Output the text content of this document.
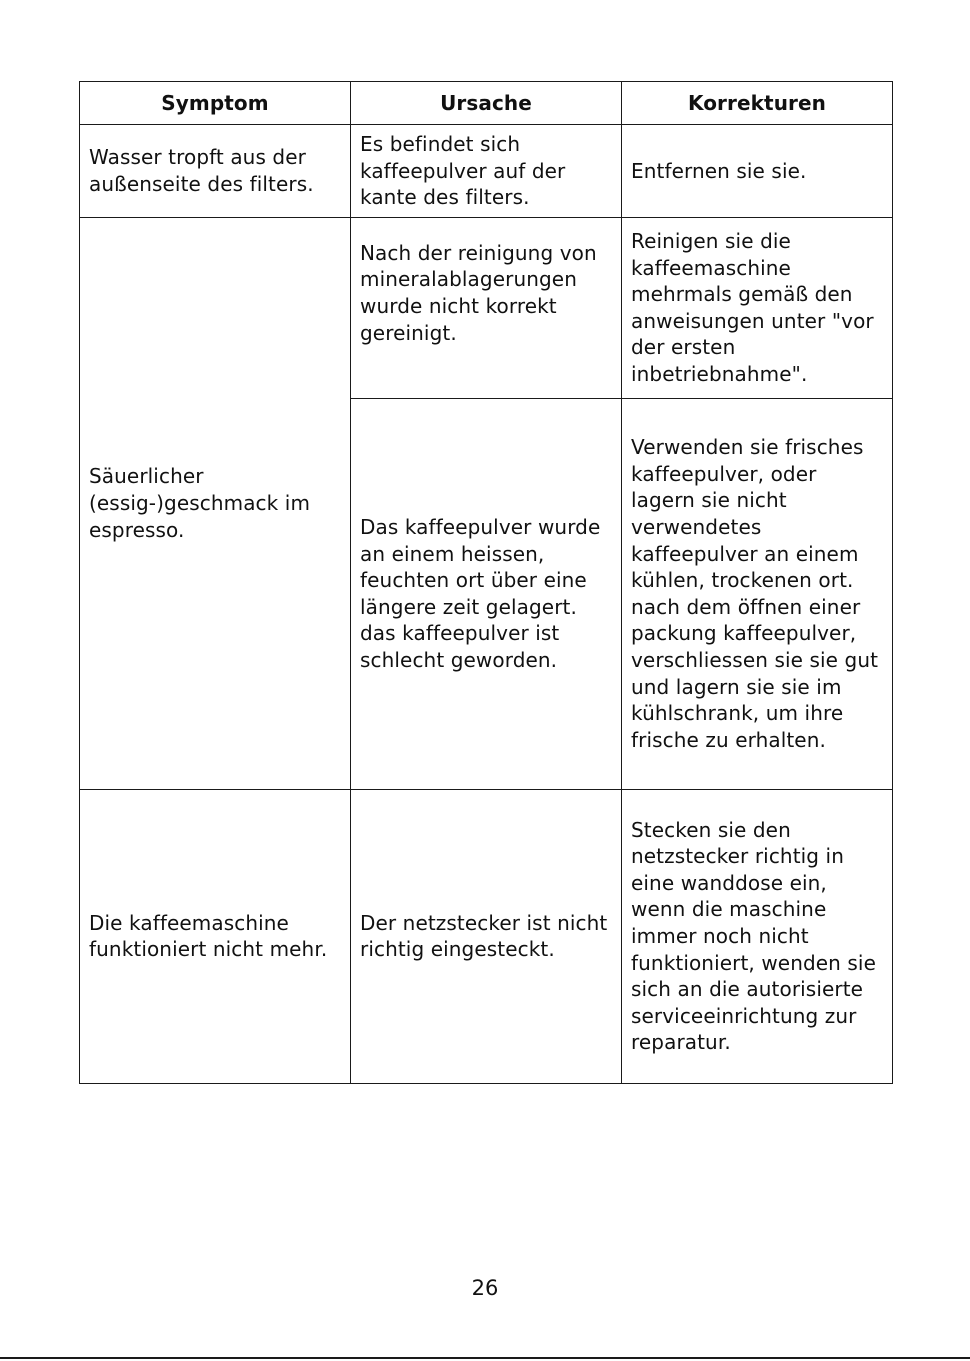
Symptom	Ursache	Korrekturen
Wasser tropft aus der außenseite des filters.	Es befindet sich kaffeepulver auf der kante des filters.	Entfernen sie sie.
Säuerlicher (essig-)geschmack im espresso.	Nach der reinigung von mineralablagerungen wurde nicht korrekt gereinigt.	Reinigen sie die kaffeemaschine mehrmals gemäß den anweisungen unter "vor der ersten inbetriebnahme".
	Das kaffeepulver wurde an einem heissen, feuchten ort über eine längere zeit gelagert. das kaffeepulver ist schlecht geworden.	Verwenden sie frisches kaffeepulver, oder lagern sie nicht verwendetes kaffeepulver an einem kühlen, trockenen ort. nach dem öffnen einer packung kaffeepulver, verschliessen sie sie gut und lagern sie sie im kühlschrank, um ihre frische zu erhalten.
Die kaffeemaschine funktioniert nicht mehr.	Der netzstecker ist nicht richtig eingesteckt.	Stecken sie den netzstecker richtig in eine wanddose ein, wenn die maschine immer noch nicht funktioniert, wenden sie sich an die autorisierte serviceeinrichtung zur reparatur.
26
